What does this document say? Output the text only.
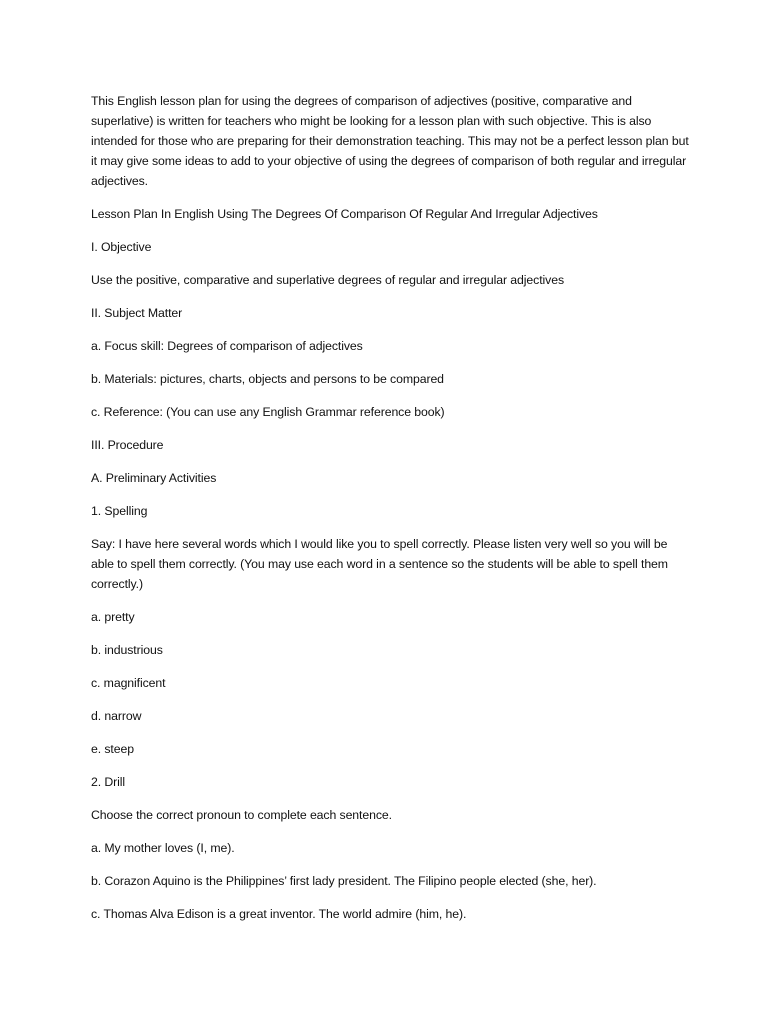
This English lesson plan for using the degrees of comparison of adjectives (positive, comparative and superlative) is written for teachers who might be looking for a lesson plan with such objective. This is also intended for those who are preparing for their demonstration teaching. This may not be a perfect lesson plan but it may give some ideas to add to your objective of using the degrees of comparison of both regular and irregular adjectives.

Lesson Plan In English Using The Degrees Of Comparison Of Regular And Irregular Adjectives

I. Objective

Use the positive, comparative and superlative degrees of regular and irregular adjectives

II. Subject Matter

a. Focus skill: Degrees of comparison of adjectives

b. Materials: pictures, charts, objects and persons to be compared

c. Reference: (You can use any English Grammar reference book)

III. Procedure

A. Preliminary Activities

1. Spelling

Say: I have here several words which I would like you to spell correctly. Please listen very well so you will be able to spell them correctly. (You may use each word in a sentence so the students will be able to spell them correctly.)

a. pretty

b. industrious

c. magnificent

d. narrow

e. steep

2. Drill

Choose the correct pronoun to complete each sentence.

a. My mother loves (I, me).

b. Corazon Aquino is the Philippines’ first lady president. The Filipino people elected (she, her).

c. Thomas Alva Edison is a great inventor. The world admire (him, he).
